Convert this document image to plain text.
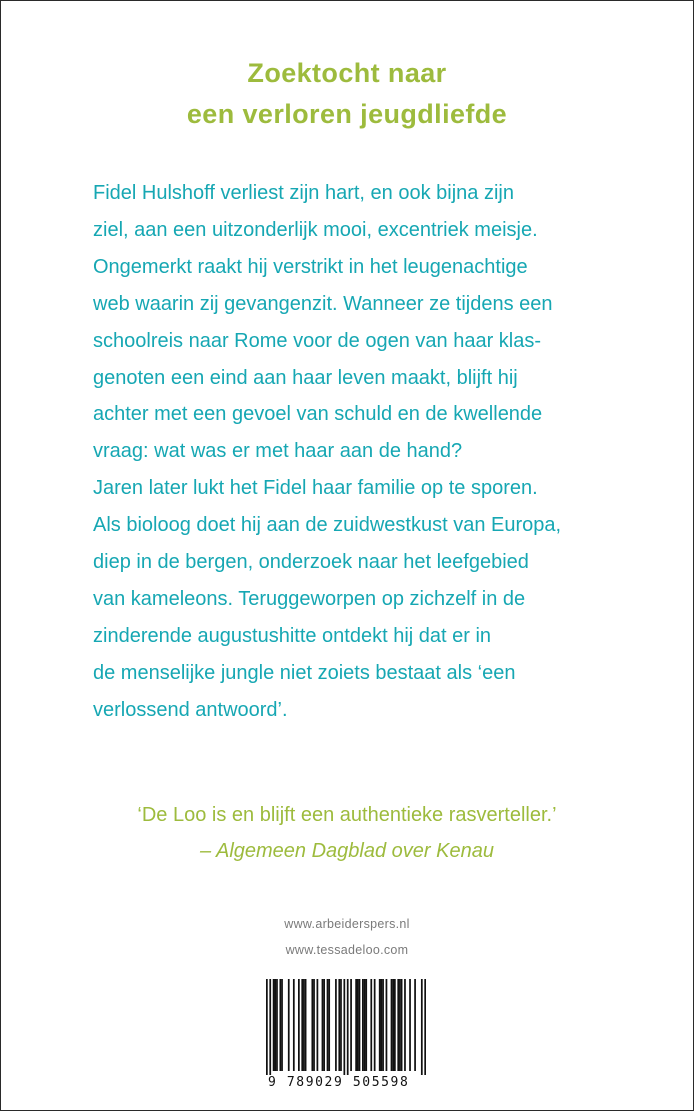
Zoektocht naar
een verloren jeugdliefde
Fidel Hulshoff verliest zijn hart, en ook bijna zijn
ziel, aan een uitzonderlijk mooi, excentriek meisje.
Ongemerkt raakt hij verstrikt in het leugenachtige
web waarin zij gevangenzit. Wanneer ze tijdens een
schoolreis naar Rome voor de ogen van haar klas-
genoten een eind aan haar leven maakt, blijft hij
achter met een gevoel van schuld en de kwellende
vraag: wat was er met haar aan de hand?
Jaren later lukt het Fidel haar familie op te sporen.
Als bioloog doet hij aan de zuidwestkust van Europa,
diep in de bergen, onderzoek naar het leefgebied
van kameleons. Teruggeworpen op zichzelf in de
zinderende augustushitte ontdekt hij dat er in
de menselijke jungle niet zoiets bestaat als ‘een
verlossend antwoord’.
‘De Loo is en blijft een authentieke rasverteller.’
– Algemeen Dagblad over Kenau
www.arbeiderspers.nl
www.tessadeloo.com
9 789029 505598
